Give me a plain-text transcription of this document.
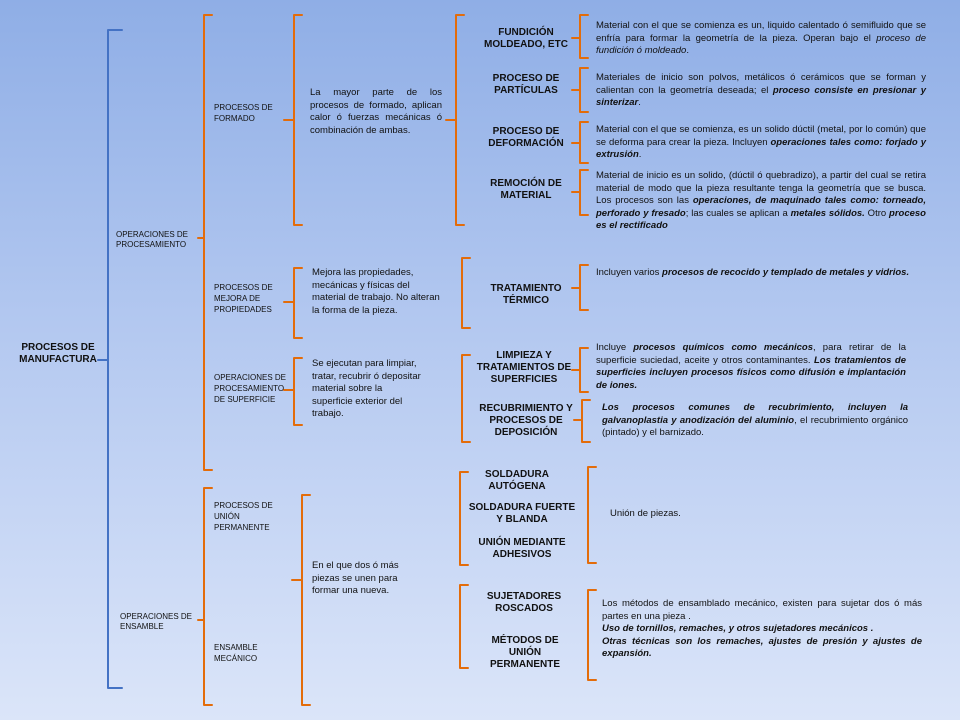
PROCESOS DE MANUFACTURA
OPERACIONES DE PROCESAMIENTO
OPERACIONES DE ENSAMBLE
PROCESOS DE FORMADO
PROCESOS DE MEJORA DE PROPIEDADES
OPERACIONES DE PROCESAMIENTO DE SUPERFICIE
PROCESOS DE UNIÓN PERMANENTE
ENSAMBLE MECÁNICO
La mayor parte de los procesos de formado, aplican calor ó fuerzas mecánicas ó combinación de ambas.
Mejora las propiedades, mecánicas y físicas del material de trabajo. No alteran la forma de la pieza.
Se ejecutan para limpiar, tratar, recubrir ó depositar material sobre la superficie exterior del trabajo.
En el que dos ó más piezas se unen para formar una nueva.
FUNDICIÓN MOLDEADO, ETC
PROCESO DE PARTÍCULAS
PROCESO DE DEFORMACIÓN
REMOCIÓN DE MATERIAL
TRATAMIENTO TÉRMICO
LIMPIEZA Y TRATAMIENTOS DE SUPERFICIES
RECUBRIMIENTO Y PROCESOS DE DEPOSICIÓN
SOLDADURA AUTÓGENA
SOLDADURA FUERTE Y BLANDA
UNIÓN MEDIANTE ADHESIVOS
SUJETADORES ROSCADOS
MÉTODOS DE UNIÓN PERMANENTE
Material con el que se comienza es un, liquido calentado ó semifluido que se enfría para formar la geometría de la pieza. Operan bajo el proceso de fundición ó moldeado.
Materiales de inicio son polvos, metálicos ó cerámicos que se forman y calientan con la geometría deseada; el proceso consiste en presionar y sinterizar.
Material con el que se comienza, es un solido dúctil (metal, por lo común) que se deforma para crear la pieza. Incluyen operaciones tales como: forjado y extrusión.
Material de inicio es un solido, (dúctil ó quebradizo), a partir del cual se retira material de modo que la pieza resultante tenga la geometría que se busca. Los procesos son las operaciones, de maquinado tales como: torneado, perforado y fresado; las cuales se aplican a metales sólidos. Otro proceso es el rectificado
Incluyen varios procesos de recocido y templado de metales y vidrios.
Incluye procesos químicos como mecánicos, para retirar de la superficie suciedad, aceite y otros contaminantes. Los tratamientos de superficies incluyen procesos físicos como difusión e implantación de iones.
Los procesos comunes de recubrimiento, incluyen la galvanoplastia y anodización del aluminio, el recubrimiento orgánico (pintado) y el barnizado.
Unión de piezas.
Los métodos de ensamblado mecánico, existen para sujetar dos ó más partes en una pieza .
Uso de tornillos, remaches, y otros sujetadores mecánicos .
Otras técnicas son los remaches, ajustes de presión y ajustes de expansión.
